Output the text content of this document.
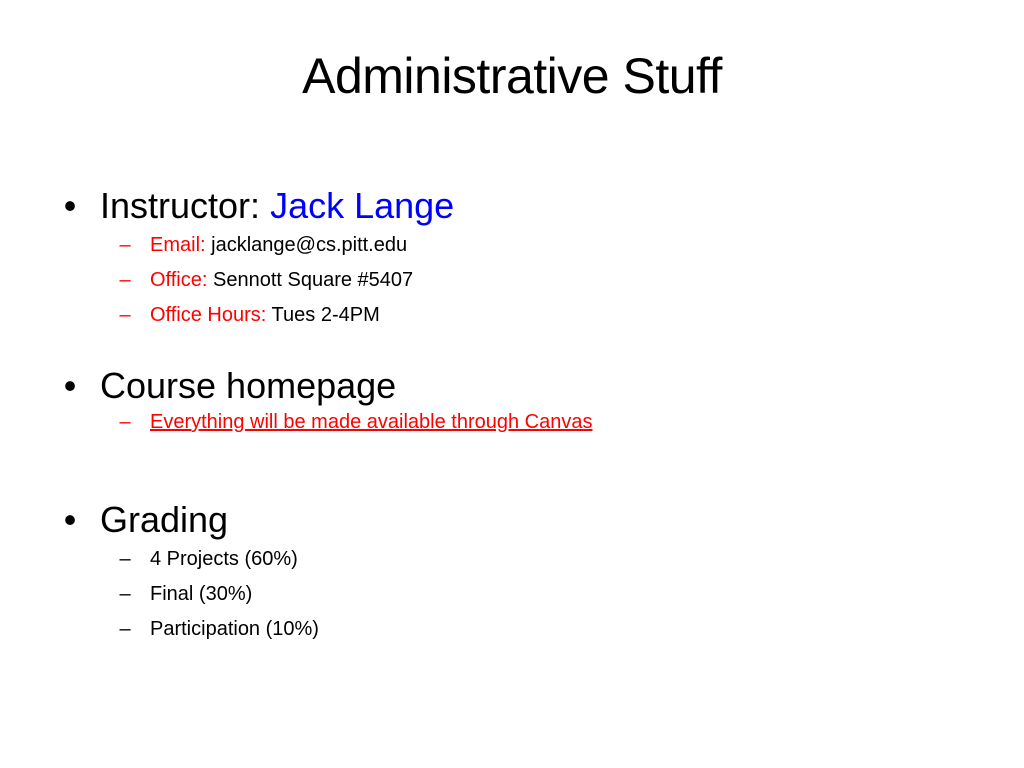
Administrative Stuff
• Instructor: Jack Lange
– Email: jacklange@cs.pitt.edu
– Office: Sennott Square #5407
– Office Hours: Tues 2-4PM
• Course homepage
– Everything will be made available through Canvas
• Grading
– 4 Projects (60%)
– Final (30%)
– Participation (10%)
